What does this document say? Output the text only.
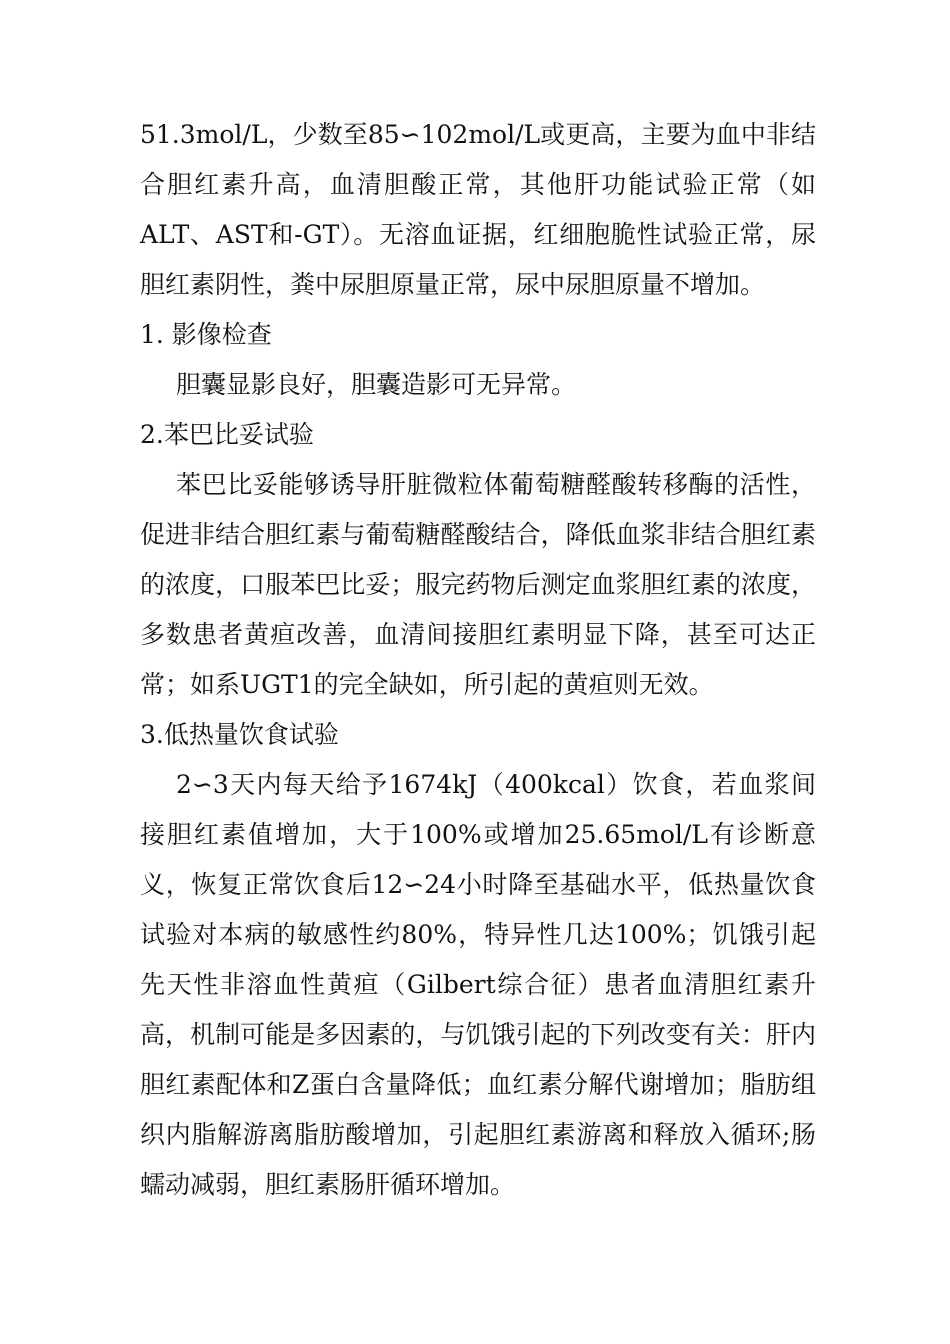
51.3mol/L，少数至85∽102mol/L或更高，主要为血中非结合胆红素升高，血清胆酸正常，其他肝功能试验正常（如ALT、AST和-GT）。无溶血证据，红细胞脆性试验正常，尿胆红素阴性，粪中尿胆原量正常，尿中尿胆原量不增加。

1. 影像检查

胆囊显影良好，胆囊造影可无异常。

2.苯巴比妥试验

苯巴比妥能够诱导肝脏微粒体葡萄糖醛酸转移酶的活性，促进非结合胆红素与葡萄糖醛酸结合，降低血浆非结合胆红素的浓度，口服苯巴比妥；服完药物后测定血浆胆红素的浓度，多数患者黄疸改善，血清间接胆红素明显下降，甚至可达正常；如系UGT1的完全缺如，所引起的黄疸则无效。

3.低热量饮食试验

2∽3天内每天给予1674kJ（400kcal）饮食，若血浆间接胆红素值增加，大于100%或增加25.65mol/L有诊断意义，恢复正常饮食后12∽24小时降至基础水平，低热量饮食试验对本病的敏感性约80%，特异性几达100%；饥饿引起先天性非溶血性黄疸（Gilbert综合征）患者血清胆红素升高，机制可能是多因素的，与饥饿引起的下列改变有关：肝内胆红素配体和Z蛋白含量降低；血红素分解代谢增加；脂肪组织内脂解游离脂肪酸增加，引起胆红素游离和释放入循环;肠蠕动减弱，胆红素肠肝循环增加。
